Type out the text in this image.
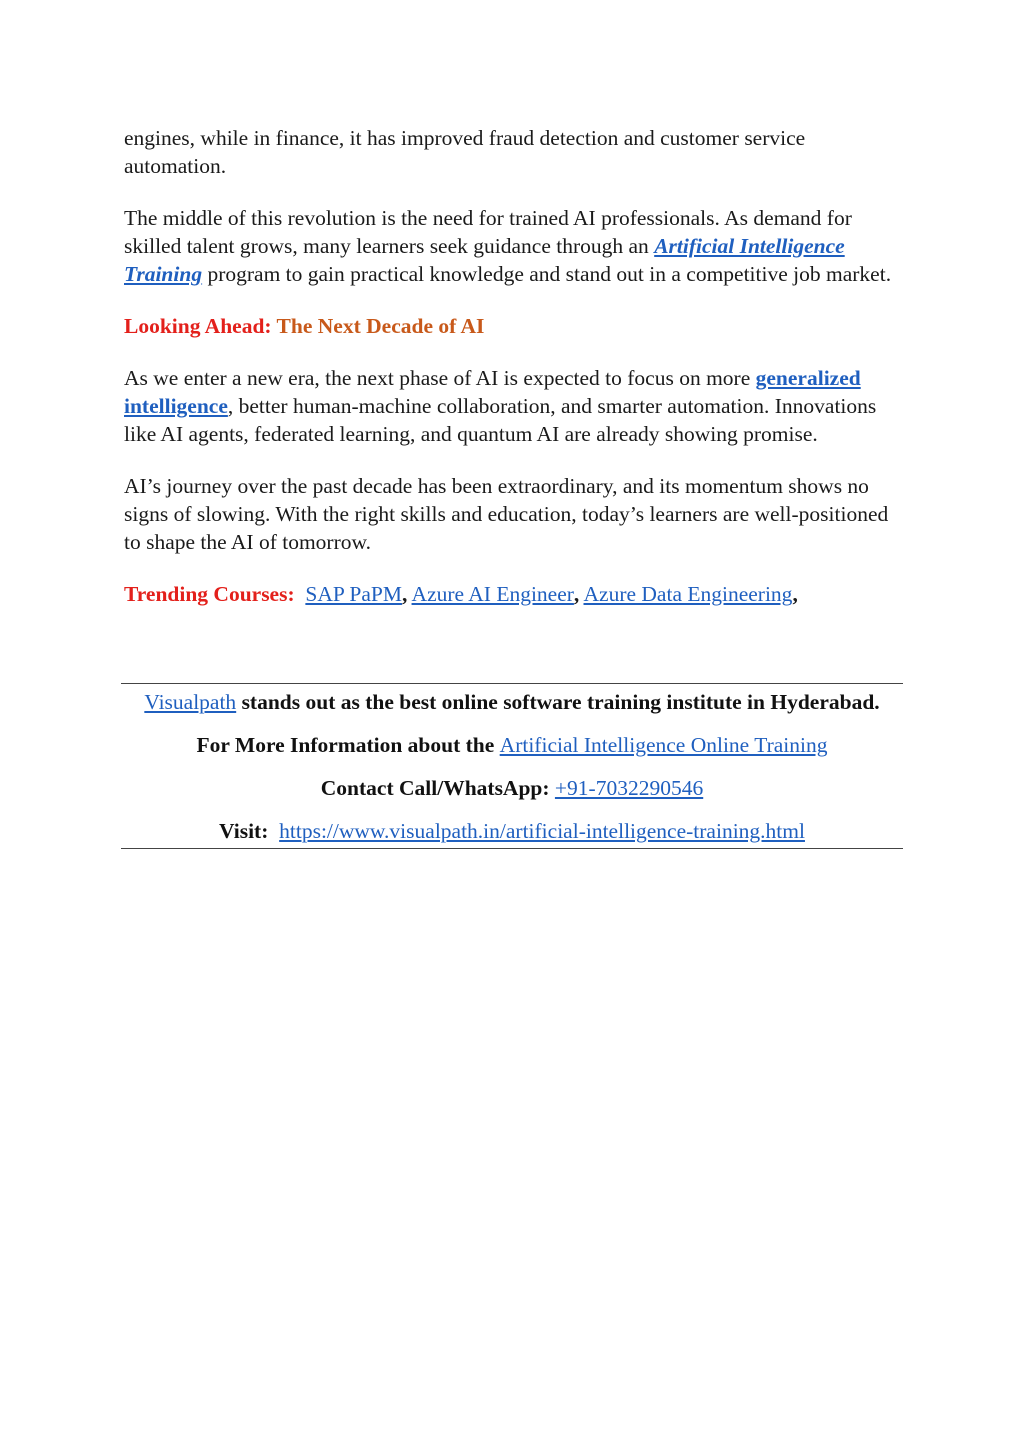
engines, while in finance, it has improved fraud detection and customer service automation.

The middle of this revolution is the need for trained AI professionals. As demand for skilled talent grows, many learners seek guidance through an Artificial Intelligence Training program to gain practical knowledge and stand out in a competitive job market.

Looking Ahead: The Next Decade of AI

As we enter a new era, the next phase of AI is expected to focus on more generalized intelligence, better human-machine collaboration, and smarter automation. Innovations like AI agents, federated learning, and quantum AI are already showing promise.

AI’s journey over the past decade has been extraordinary, and its momentum shows no signs of slowing. With the right skills and education, today’s learners are well-positioned to shape the AI of tomorrow.

Trending Courses: SAP PaPM, Azure AI Engineer, Azure Data Engineering,

Visualpath stands out as the best online software training institute in Hyderabad.

For More Information about the Artificial Intelligence Online Training

Contact Call/WhatsApp: +91-7032290546

Visit: https://www.visualpath.in/artificial-intelligence-training.html
